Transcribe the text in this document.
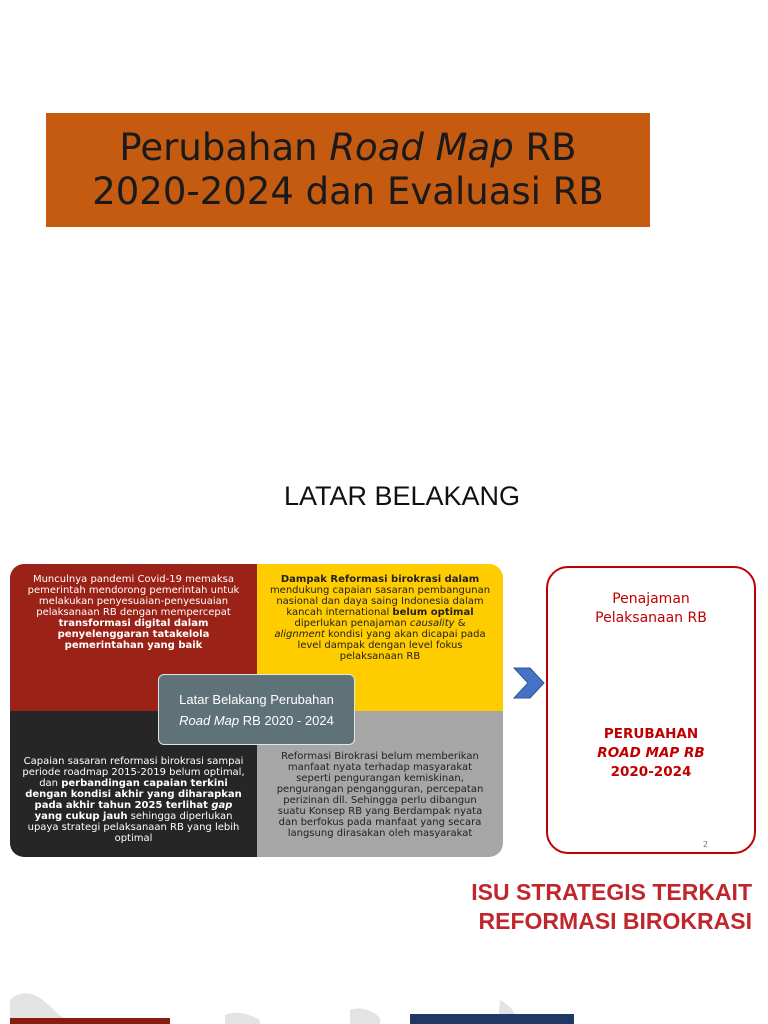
Perubahan Road Map RB
2020-2024 dan Evaluasi RB
LATAR BELAKANG
Munculnya pandemi Covid-19 memaksa pemerintah mendorong pemerintah untuk melakukan penyesuaian-penyesuaian pelaksanaan RB dengan mempercepat transformasi digital dalam penyelenggaran tatakelola pemerintahan yang baik
Dampak Reformasi birokrasi dalam mendukung capaian sasaran pembangunan nasional dan daya saing Indonesia dalam kancah international belum optimal diperlukan penajaman causality & alignment kondisi yang akan dicapai pada level dampak dengan level fokus pelaksanaan RB
Capaian sasaran reformasi birokrasi sampai periode roadmap 2015-2019 belum optimal, dan perbandingan capaian terkini dengan kondisi akhir yang diharapkan pada akhir tahun 2025 terlihat gap yang cukup jauh sehingga diperlukan upaya strategi pelaksanaan RB yang lebih optimal
Reformasi Birokrasi belum memberikan manfaat nyata terhadap masyarakat seperti pengurangan kemiskinan, pengurangan pengangguran, percepatan perizinan dll. Sehingga perlu dibangun suatu Konsep RB yang Berdampak nyata dan berfokus pada manfaat yang secara langsung dirasakan oleh masyarakat
Latar Belakang Perubahan
Road Map RB 2020 - 2024
Penajaman
Pelaksanaan RB
PERUBAHAN
ROAD MAP RB
2020-2024
2
ISU STRATEGIS TERKAIT
REFORMASI BIROKRASI
